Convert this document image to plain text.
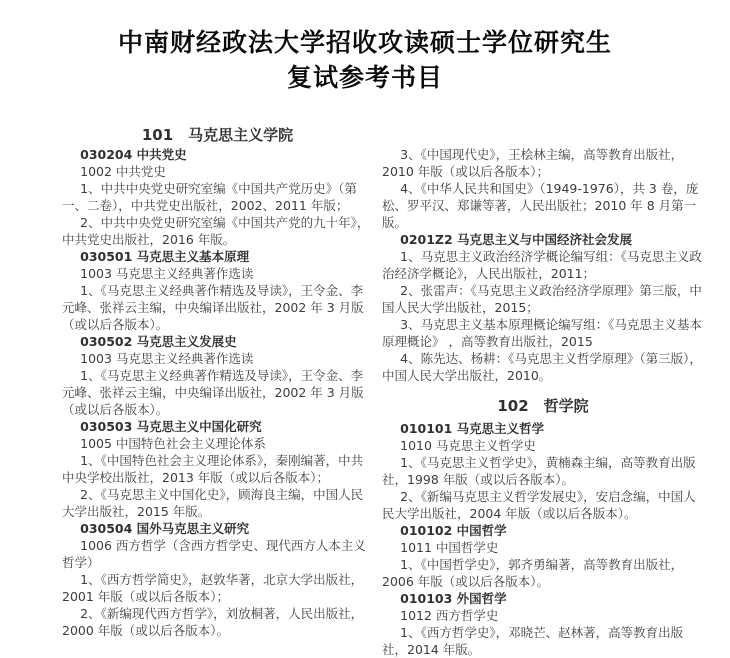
中南财经政法大学招收攻读硕士学位研究生
复试参考书目

101　马克思主义学院

030204 中共党史

1002 中共党史

1、中共中央党史研究室编《中国共产党历史》（第一、二卷），中共党史出版社，2002、2011 年版；

2、中共中央党史研究室编《中国共产党的九十年》，中共党史出版社，2016 年版。

030501 马克思主义基本原理

1003 马克思主义经典著作选读

1、《马克思主义经典著作精选及导读》，王令金、李元峰、张祥云主编，中央编译出版社，2002 年 3 月版（或以后各版本）。

030502 马克思主义发展史

1003 马克思主义经典著作选读

1、《马克思主义经典著作精选及导读》，王令金、李元峰、张祥云主编，中央编译出版社，2002 年 3 月版（或以后各版本）。

030503 马克思主义中国化研究

1005 中国特色社会主义理论体系

1、《中国特色社会主义理论体系》，秦刚编著，中共中央学校出版社，2013 年版（或以后各版本）；

2、《马克思主义中国化史》，顾海良主编，中国人民大学出版社，2015 年版。

030504 国外马克思主义研究

1006 西方哲学（含西方哲学史、现代西方人本主义哲学）

1、《西方哲学简史》，赵敦华著，北京大学出版社，2001 年版（或以后各版本）；

2、《新编现代西方哲学》，刘放桐著，人民出版社，2000 年版（或以后各版本）。

3、《中国现代史》，王桧林主编，高等教育出版社，2010 年版（或以后各版本）；

4、《中华人民共和国史》（1949-1976），共 3 卷，庞松、罗平汉、郑谦等著，人民出版社；2010 年 8 月第一版。

0201Z2 马克思主义与中国经济社会发展

1、马克思主义政治经济学概论编写组：《马克思主义政治经济学概论》，人民出版社，2011；

2、张雷声：《马克思主义政治经济学原理》第三版，中国人民大学出版社，2015；

3、马克思主义基本原理概论编写组：《马克思主义基本原理概论》 ，高等教育出版社，2015

4、陈先达、杨耕：《马克思主义哲学原理》（第三版），中国人民大学出版社，2010。

102　哲学院

010101 马克思主义哲学

1010 马克思主义哲学史

1、《马克思主义哲学史》，黄楠森主编，高等教育出版社，1998 年版（或以后各版本）。

2、《新编马克思主义哲学发展史》，安启念编，中国人民大学出版社，2004 年版（或以后各版本）。

010102 中国哲学

1011 中国哲学史

1、《中国哲学史》，郭齐勇编著，高等教育出版社，2006 年版（或以后各版本）。

010103 外国哲学

1012 西方哲学史

1、《西方哲学史》，邓晓芒、赵林著，高等教育出版社，2014 年版。
